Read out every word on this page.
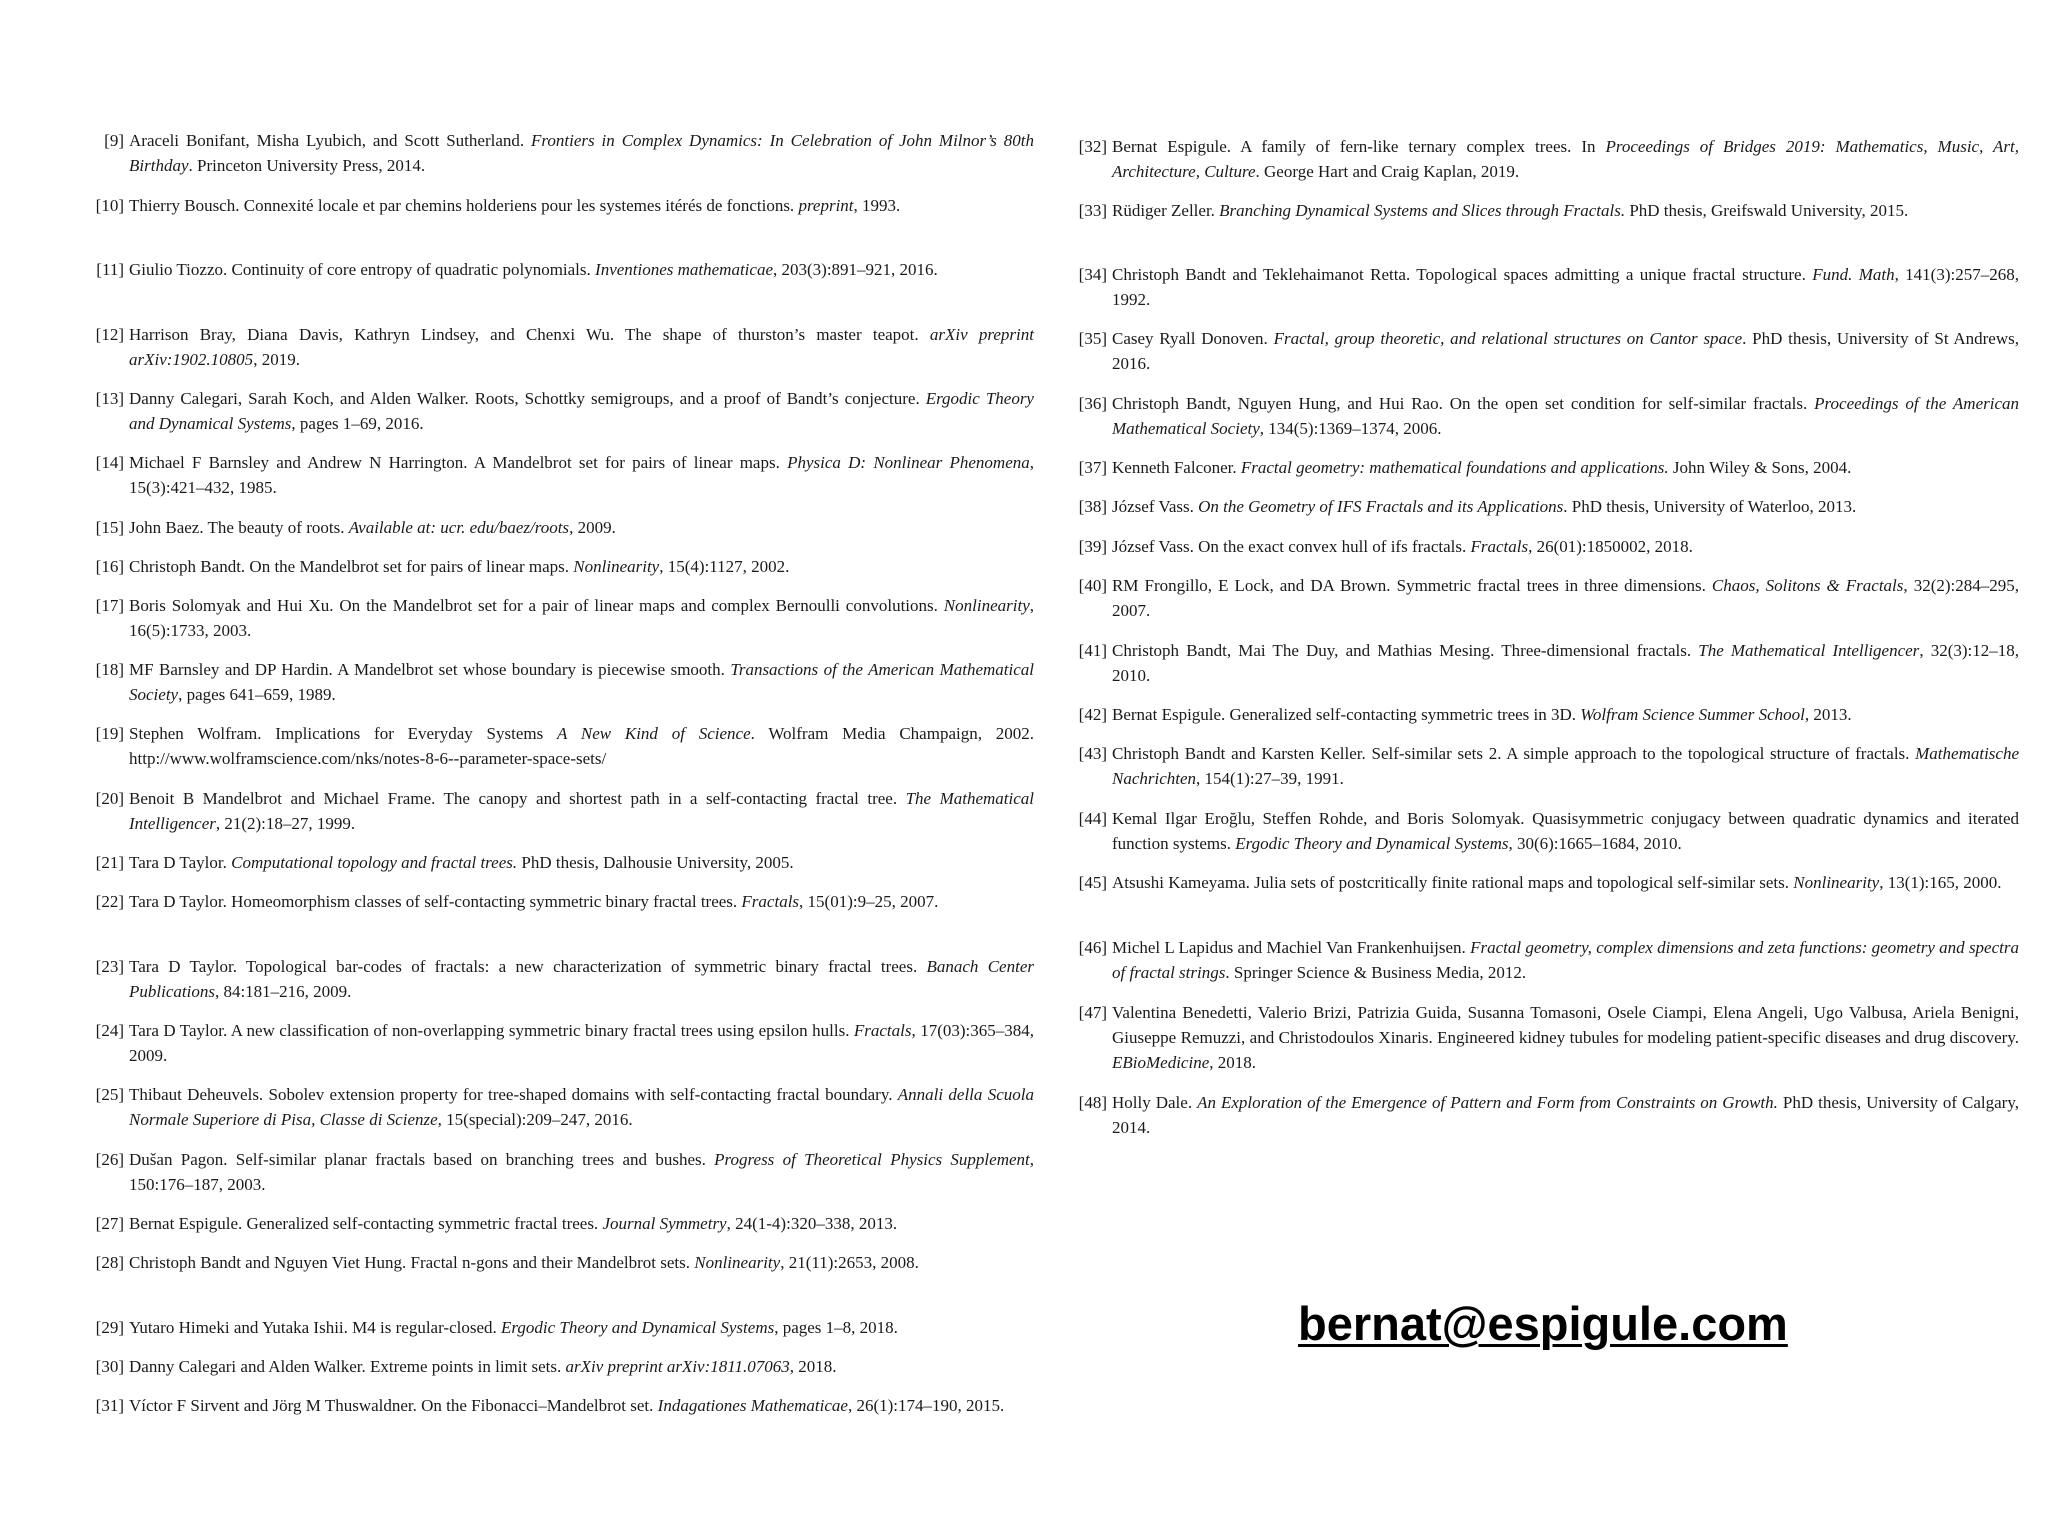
[9] Araceli Bonifant, Misha Lyubich, and Scott Sutherland. Frontiers in Complex Dynamics: In Celebration of John Milnor’s 80th Birthday. Princeton University Press, 2014.
[10] Thierry Bousch. Connexité locale et par chemins holderiens pour les systemes itérés de fonctions. preprint, 1993.
[11] Giulio Tiozzo. Continuity of core entropy of quadratic polynomials. Inventiones mathematicae, 203(3):891–921, 2016.
[12] Harrison Bray, Diana Davis, Kathryn Lindsey, and Chenxi Wu. The shape of thurston’s master teapot. arXiv preprint arXiv:1902.10805, 2019.
[13] Danny Calegari, Sarah Koch, and Alden Walker. Roots, Schottky semigroups, and a proof of Bandt’s conjecture. Ergodic Theory and Dynamical Systems, pages 1–69, 2016.
[14] Michael F Barnsley and Andrew N Harrington. A Mandelbrot set for pairs of linear maps. Physica D: Nonlinear Phenomena, 15(3):421–432, 1985.
[15] John Baez. The beauty of roots. Available at: ucr. edu/baez/roots, 2009.
[16] Christoph Bandt. On the Mandelbrot set for pairs of linear maps. Nonlinearity, 15(4):1127, 2002.
[17] Boris Solomyak and Hui Xu. On the Mandelbrot set for a pair of linear maps and complex Bernoulli convolutions. Nonlinearity, 16(5):1733, 2003.
[18] MF Barnsley and DP Hardin. A Mandelbrot set whose boundary is piecewise smooth. Transactions of the American Mathematical Society, pages 641–659, 1989.
[19] Stephen Wolfram. Implications for Everyday Systems A New Kind of Science. Wolfram Media Champaign, 2002. http://www.wolframscience.com/nks/notes-8-6--parameter-space-sets/
[20] Benoit B Mandelbrot and Michael Frame. The canopy and shortest path in a self-contacting fractal tree. The Mathematical Intelligencer, 21(2):18–27, 1999.
[21] Tara D Taylor. Computational topology and fractal trees. PhD thesis, Dalhousie University, 2005.
[22] Tara D Taylor. Homeomorphism classes of self-contacting symmetric binary fractal trees. Fractals, 15(01):9–25, 2007.
[23] Tara D Taylor. Topological bar-codes of fractals: a new characterization of symmetric binary fractal trees. Banach Center Publications, 84:181–216, 2009.
[24] Tara D Taylor. A new classification of non-overlapping symmetric binary fractal trees using epsilon hulls. Fractals, 17(03):365–384, 2009.
[25] Thibaut Deheuvels. Sobolev extension property for tree-shaped domains with self-contacting fractal boundary. Annali della Scuola Normale Superiore di Pisa, Classe di Scienze, 15(special):209–247, 2016.
[26] Dušan Pagon. Self-similar planar fractals based on branching trees and bushes. Progress of Theoretical Physics Supplement, 150:176–187, 2003.
[27] Bernat Espigule. Generalized self-contacting symmetric fractal trees. Journal Symmetry, 24(1-4):320–338, 2013.
[28] Christoph Bandt and Nguyen Viet Hung. Fractal n-gons and their Mandelbrot sets. Nonlinearity, 21(11):2653, 2008.
[29] Yutaro Himeki and Yutaka Ishii. M4 is regular-closed. Ergodic Theory and Dynamical Systems, pages 1–8, 2018.
[30] Danny Calegari and Alden Walker. Extreme points in limit sets. arXiv preprint arXiv:1811.07063, 2018.
[31] Víctor F Sirvent and Jörg M Thuswaldner. On the Fibonacci–Mandelbrot set. Indagationes Mathematicae, 26(1):174–190, 2015.
[32] Bernat Espigule. A family of fern-like ternary complex trees. In Proceedings of Bridges 2019: Mathematics, Music, Art, Architecture, Culture. George Hart and Craig Kaplan, 2019.
[33] Rüdiger Zeller. Branching Dynamical Systems and Slices through Fractals. PhD thesis, Greifswald University, 2015.
[34] Christoph Bandt and Teklehaimanot Retta. Topological spaces admitting a unique fractal structure. Fund. Math, 141(3):257–268, 1992.
[35] Casey Ryall Donoven. Fractal, group theoretic, and relational structures on Cantor space. PhD thesis, University of St Andrews, 2016.
[36] Christoph Bandt, Nguyen Hung, and Hui Rao. On the open set condition for self-similar fractals. Proceedings of the American Mathematical Society, 134(5):1369–1374, 2006.
[37] Kenneth Falconer. Fractal geometry: mathematical foundations and applications. John Wiley & Sons, 2004.
[38] József Vass. On the Geometry of IFS Fractals and its Applications. PhD thesis, University of Waterloo, 2013.
[39] József Vass. On the exact convex hull of ifs fractals. Fractals, 26(01):1850002, 2018.
[40] RM Frongillo, E Lock, and DA Brown. Symmetric fractal trees in three dimensions. Chaos, Solitons & Fractals, 32(2):284–295, 2007.
[41] Christoph Bandt, Mai The Duy, and Mathias Mesing. Three-dimensional fractals. The Mathematical Intelligencer, 32(3):12–18, 2010.
[42] Bernat Espigule. Generalized self-contacting symmetric trees in 3D. Wolfram Science Summer School, 2013.
[43] Christoph Bandt and Karsten Keller. Self-similar sets 2. A simple approach to the topological structure of fractals. Mathematische Nachrichten, 154(1):27–39, 1991.
[44] Kemal Ilgar Eroğlu, Steffen Rohde, and Boris Solomyak. Quasisymmetric conjugacy between quadratic dynamics and iterated function systems. Ergodic Theory and Dynamical Systems, 30(6):1665–1684, 2010.
[45] Atsushi Kameyama. Julia sets of postcritically finite rational maps and topological self-similar sets. Nonlinearity, 13(1):165, 2000.
[46] Michel L Lapidus and Machiel Van Frankenhuijsen. Fractal geometry, complex dimensions and zeta functions: geometry and spectra of fractal strings. Springer Science & Business Media, 2012.
[47] Valentina Benedetti, Valerio Brizi, Patrizia Guida, Susanna Tomasoni, Osele Ciampi, Elena Angeli, Ugo Valbusa, Ariela Benigni, Giuseppe Remuzzi, and Christodoulos Xinaris. Engineered kidney tubules for modeling patient-specific diseases and drug discovery. EBioMedicine, 2018.
[48] Holly Dale. An Exploration of the Emergence of Pattern and Form from Constraints on Growth. PhD thesis, University of Calgary, 2014.
bernat@espigule.com
